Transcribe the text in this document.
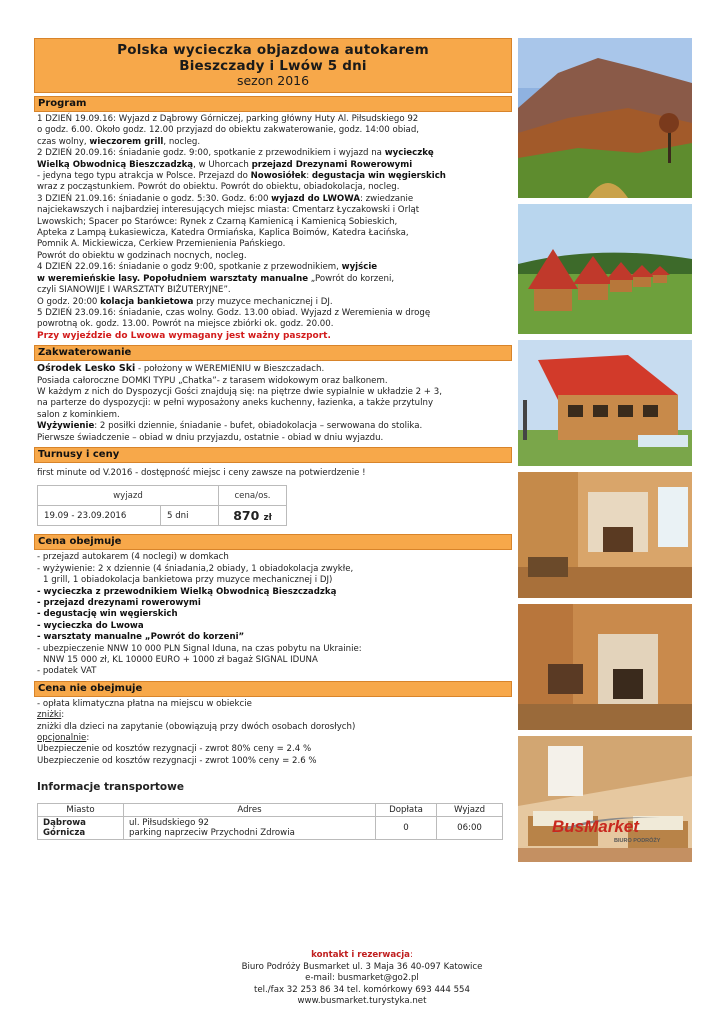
Polska wycieczka objazdowa autokarem
Bieszczady i Lwów 5 dni
sezon 2016
Program
1 DZIEŃ 19.09.16: Wyjazd z Dąbrowy Górniczej, parking główny Huty Al. Piłsudskiego 92
o godz. 6.00. Około godz. 12.00 przyjazd do obiektu zakwaterowanie, godz. 14:00 obiad,
czas wolny, wieczorem grill, nocleg.
2 DZIEŃ 20.09.16: śniadanie godz. 9:00, spotkanie z przewodnikiem i wyjazd na wycieczkę
Wielką Obwodnicą Bieszczadzką, w Uhorcach przejazd Drezynami Rowerowymi
- jedyna tego typu atrakcja w Polsce. Przejazd do Nowosiółek: degustacja win węgierskich
wraz z począstunkiem. Powrót do obiektu. Powrót do obiektu, obiadokolacja, nocleg.
3 DZIEŃ 21.09.16: śniadanie o godz. 5:30. Godz. 6:00 wyjazd do LWOWA: zwiedzanie
najciekawszych i najbardziej interesujących miejsc miasta: Cmentarz Łyczakowski i Orląt
Lwowskich; Spacer po Starówce: Rynek z Czarną Kamienicą i Kamienicą Sobieskich,
Apteka z Lampą Łukasiewicza, Katedra Ormiańska, Kaplica Boimów, Katedra Łacińska,
Pomnik A. Mickiewicza, Cerkiew Przemienienia Pańskiego.
Powrót do obiektu w godzinach nocnych, nocleg.
4 DZIEŃ 22.09.16: śniadanie o godz 9:00, spotkanie z przewodnikiem, wyjście
w weremieńskie lasy. Popołudniem warsztaty manualne „Powrót do korzeni,
czyli SIANOWIJE I WARSZTATY BIŻUTERYJNE”.
O godz. 20:00 kolacja bankietowa przy muzyce mechanicznej i DJ.
5 DZIEŃ 23.09.16: śniadanie, czas wolny. Godz. 13.00 obiad. Wyjazd z Weremienia w drogę
powrotną ok. godz. 13.00. Powrót na miejsce zbiórki ok. godz. 20.00.
Przy wyjeździe do Lwowa wymagany jest ważny paszport.
Zakwaterowanie
Ośrodek Lesko Ski - położony w WEREMIENIU w Bieszczadach.
Posiada całoroczne DOMKI TYPU „Chatka”- z tarasem widokowym oraz balkonem.
W każdym z nich do Dyspozycji Gości znajdują się: na piętrze dwie sypialnie w układzie 2 + 3,
na parterze do dyspozycji: w pełni wyposażony aneks kuchenny, łazienka, a także przytulny
salon z kominkiem.
Wyżywienie: 2 posiłki dziennie, śniadanie - bufet, obiadokolacja – serwowana do stolika.
Pierwsze świadczenie – obiad w dniu przyjazdu, ostatnie - obiad w dniu wyjazdu.
Turnusy i ceny
first minute od V.2016 - dostępność miejsc i ceny zawsze na potwierdzenie !
wyjazd		cena/os.
19.09 - 23.09.2016	5 dni	870 zł
Cena obejmuje
- przejazd autokarem (4 noclegi) w domkach
- wyżywienie: 2 x dziennie (4 śniadania,2 obiady, 1 obiadokolacja zwykłe,
1 grill, 1 obiadokolacja bankietowa przy muzyce mechanicznej i DJ)
- wycieczka z przewodnikiem Wielką Obwodnicą Bieszczadzką
- przejazd drezynami rowerowymi
- degustację win węgierskich
- wycieczka do Lwowa
- warsztaty manualne „Powrót do korzeni”
- ubezpieczenie NNW 10 000 PLN Signal Iduna, na czas pobytu na Ukrainie:
NNW 15 000 zł, KL 10000 EURO + 1000 zł bagaż SIGNAL IDUNA
- podatek VAT
Cena nie obejmuje
- opłata klimatyczna płatna na miejscu w obiekcie
zniżki:
zniżki dla dzieci na zapytanie (obowiązują przy dwóch osobach dorosłych)
opcjonalnie:
Ubezpieczenie od kosztów rezygnacji - zwrot 80% ceny = 2.4 %
Ubezpieczenie od kosztów rezygnacji - zwrot 100% ceny = 2.6 %
Informacje transportowe
Miasto	Adres	Dopłata	Wyjazd
Dąbrowa Górnicza	ul. Piłsudskiego 92
parking naprzeciw Przychodni Zdrowia	0	06:00	BusMarket
BIURO PODRÓŻY
kontakt i rezerwacja:
Biuro Podróży Busmarket ul. 3 Maja 36 40-097 Katowice
e-mail: busmarket@go2.pl
tel./fax 32 253 86 34 tel. komórkowy 693 444 554
www.busmarket.turystyka.net
